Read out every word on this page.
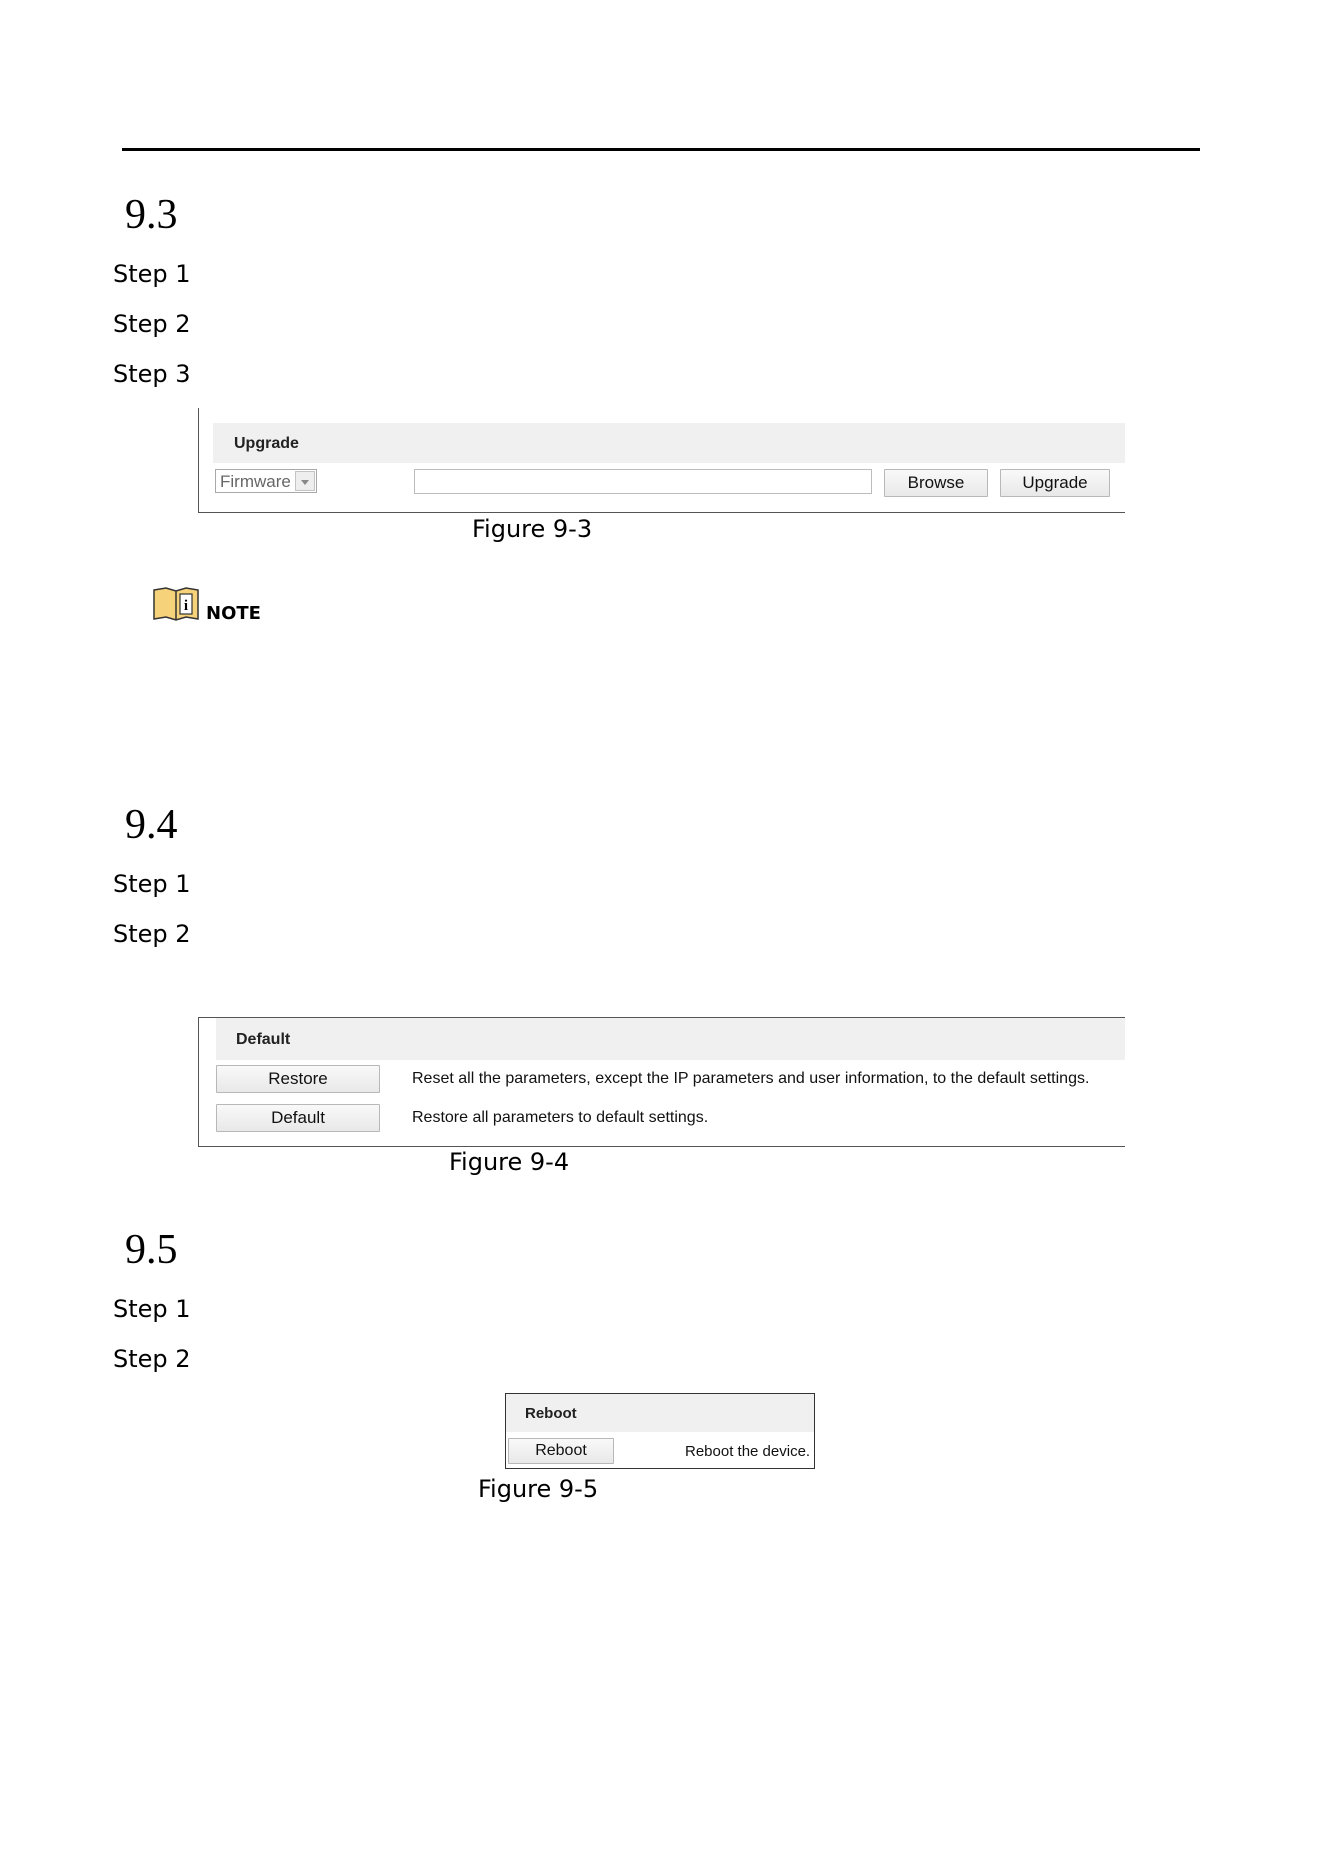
9.3
Step 1
Step 2
Step 3
Upgrade
Firmware	Browse	Upgrade
Figure 9-3
i NOTE
9.4
Step 1
Step 2
Default
Restore	Reset all the parameters, except the IP parameters and user information, to the default settings.
Default	Restore all parameters to default settings.
Figure 9-4
9.5
Step 1
Step 2
Reboot
Reboot	Reboot the device.
Figure 9-5
